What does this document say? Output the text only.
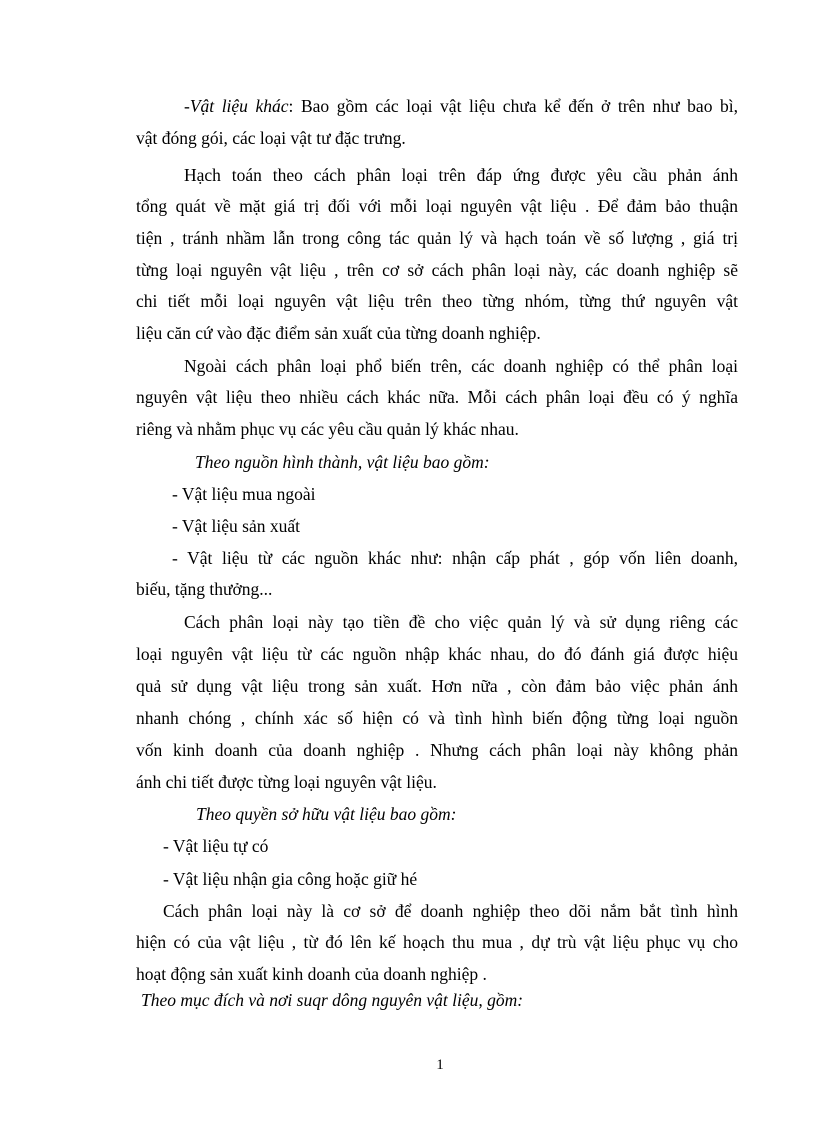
-Vật liệu khác: Bao gồm các loại vật liệu chưa kể đến ở trên như bao bì,
vật đóng gói, các loại vật tư đặc trưng.
Hạch toán theo cách phân loại trên đáp ứng được yêu cầu phản ánh
tổng quát về mặt giá trị đối với mỗi loại nguyên vật liệu . Để đảm bảo thuận
tiện , tránh nhầm lẫn trong công tác quản lý và hạch toán về số lượng , giá trị
từng loại nguyên vật liệu , trên cơ sở cách phân loại này, các doanh nghiệp sẽ
chi tiết mỗi loại nguyên vật liệu trên theo từng nhóm, từng thứ nguyên vật
liệu căn cứ vào đặc điểm sản xuất của từng doanh nghiệp.
Ngoài cách phân loại phổ biến trên, các doanh nghiệp có thể phân loại
nguyên vật liệu theo nhiều cách khác nữa. Mỗi cách phân loại đều có ý nghĩa
riêng và nhằm phục vụ các yêu cầu quản lý khác nhau.
Theo nguồn hình thành, vật liệu bao gồm:
- Vật liệu mua ngoài
- Vật liệu sản xuất
- Vật liệu từ các nguồn khác như: nhận cấp phát , góp vốn liên doanh,
biếu, tặng thưởng...
Cách phân loại này tạo tiền đề cho việc quản lý và sử dụng riêng các
loại nguyên vật liệu từ các nguồn nhập khác nhau, do đó đánh giá được hiệu
quả sử dụng vật liệu trong sản xuất. Hơn nữa , còn đảm bảo việc phản ánh
nhanh chóng , chính xác số hiện có và tình hình biến động từng loại nguồn
vốn kinh doanh của doanh nghiệp . Nhưng cách phân loại này không phản
ánh chi tiết được từng loại nguyên vật liệu.
Theo quyền sở hữu vật liệu bao gồm:
- Vật liệu tự có
- Vật liệu nhận gia công hoặc giữ hé
Cách phân loại này là cơ sở để doanh nghiệp theo dõi nắm bắt tình hình
hiện có của vật liệu , từ đó lên kế hoạch thu mua , dự trù vật liệu phục vụ cho
hoạt động sản xuất kinh doanh của doanh nghiệp .
Theo mục đích và nơi suqr dông nguyên vật liệu, gồm:
1
